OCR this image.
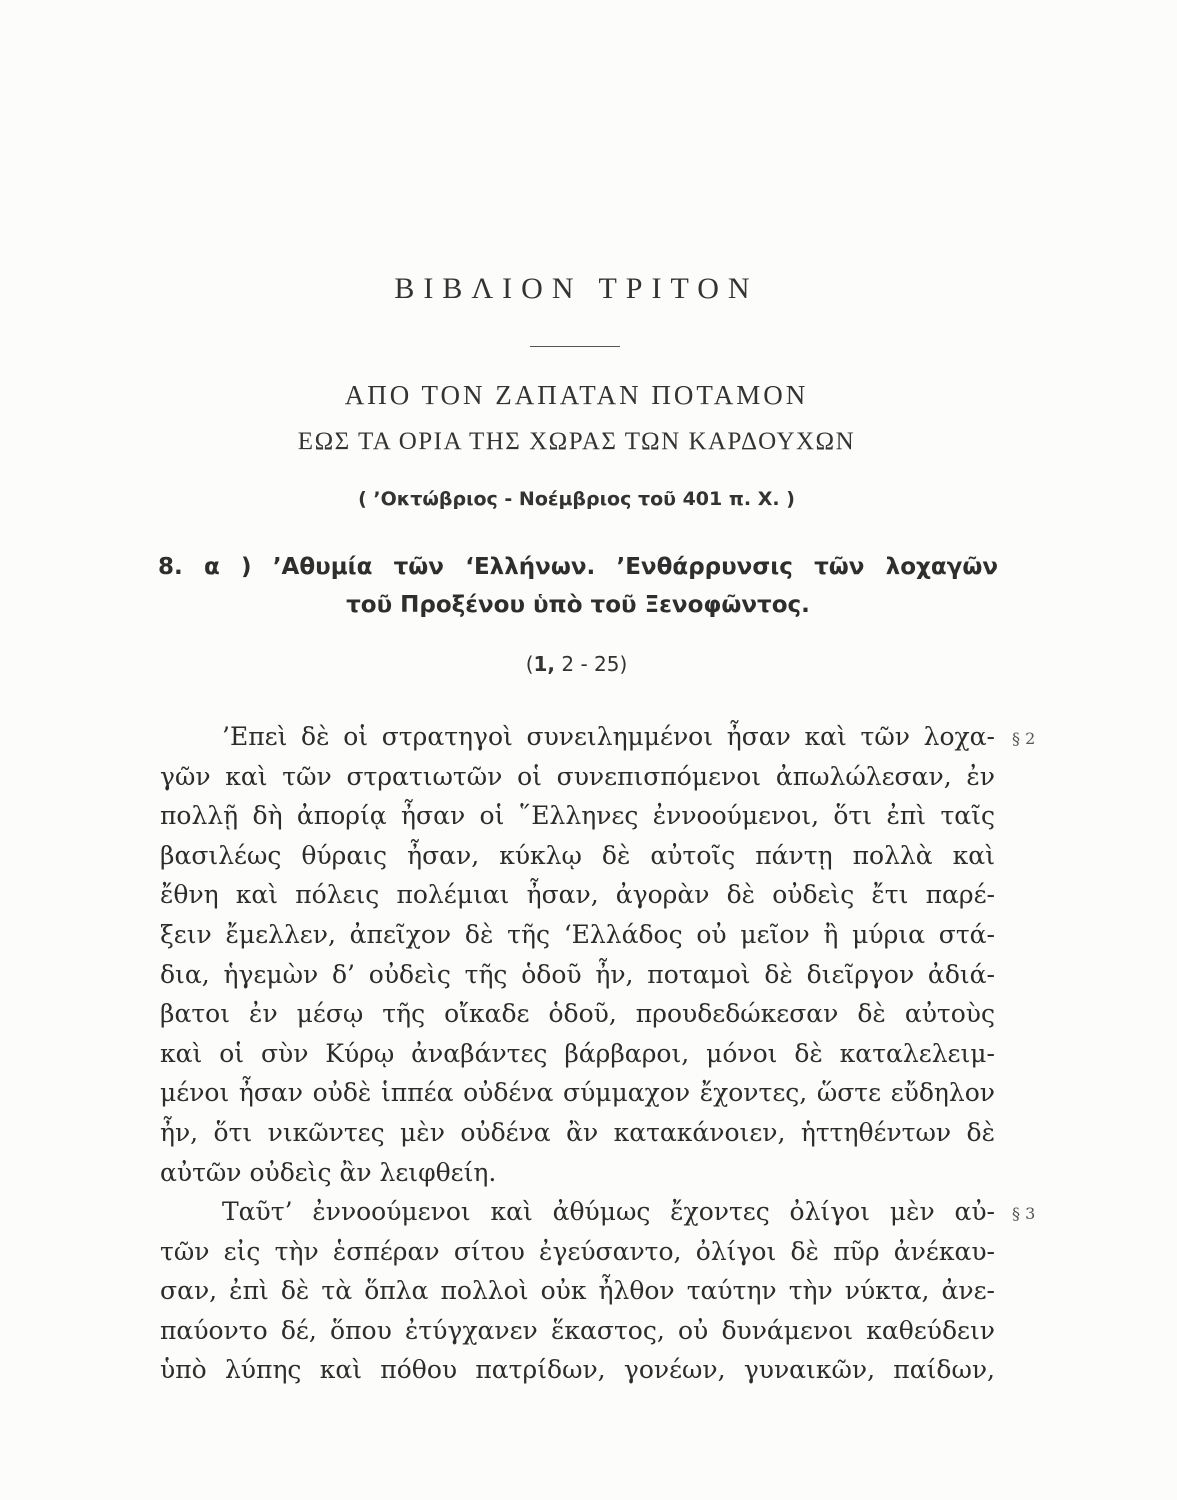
ΒΙΒΛΙΟΝ ΤΡΙΤΟΝ
ΑΠΟ ΤΟΝ ΖΑΠΑΤΑΝ ΠΟΤΑΜΟΝ
ΕΩΣ ΤΑ ΟΡΙΑ ΤΗΣ ΧΩΡΑΣ ΤΩΝ ΚΑΡΔΟΥΧΩΝ
( ’Οκτώβριος - Νοέμβριος τοῦ 401 π. Χ. )
8. α ) ’Αθυμία τῶν ‘Ελλήνων. ’Ενθάρρυνσις τῶν λοχαγῶν
τοῦ Προξένου ὑπὸ τοῦ Ξενοφῶντος.
(1, 2 - 25)
§ 2
§ 3
’Επεὶ δὲ οἱ στρατηγοὶ συνειλημμένοι ἦσαν καὶ τῶν λοχα-
γῶν καὶ τῶν στρατιωτῶν οἱ συνεπισπόμενοι ἀπωλώλεσαν, ἐν
πολλῇ δὴ ἀπορίᾳ ἦσαν οἱ ῞Ελληνες ἐννοούμενοι, ὅτι ἐπὶ ταῖς
βασιλέως θύραις ἦσαν, κύκλῳ δὲ αὐτοῖς πάντῃ πολλὰ καὶ
ἔθνη καὶ πόλεις πολέμιαι ἦσαν, ἀγορὰν δὲ οὐδεὶς ἔτι παρέ-
ξειν ἔμελλεν, ἀπεῖχον δὲ τῆς ‘Ελλάδος οὐ μεῖον ἢ μύρια στά-
δια, ἡγεμὼν δ’ οὐδεὶς τῆς ὁδοῦ ἦν, ποταμοὶ δὲ διεῖργον ἀδιά-
βατοι ἐν μέσῳ τῆς οἴκαδε ὁδοῦ, προυδεδώκεσαν δὲ αὐτοὺς
καὶ οἱ σὺν Κύρῳ ἀναβάντες βάρβαροι, μόνοι δὲ καταλελειμ-
μένοι ἦσαν οὐδὲ ἱππέα οὐδένα σύμμαχον ἔχοντες, ὥστε εὔδηλον
ἦν, ὅτι νικῶντες μὲν οὐδένα ἂν κατακάνοιεν, ἡττηθέντων δὲ
αὐτῶν οὐδεὶς ἂν λειφθείη.
Ταῦτ’ ἐννοούμενοι καὶ ἀθύμως ἔχοντες ὀλίγοι μὲν αὐ-
τῶν εἰς τὴν ἑσπέραν σίτου ἐγεύσαντο, ὀλίγοι δὲ πῦρ ἀνέκαυ-
σαν, ἐπὶ δὲ τὰ ὅπλα πολλοὶ οὐκ ἦλθον ταύτην τὴν νύκτα, ἀνε-
παύοντο δέ, ὅπου ἐτύγχανεν ἕκαστος, οὐ δυνάμενοι καθεύδειν
ὑπὸ λύπης καὶ πόθου πατρίδων, γονέων, γυναικῶν, παίδων,
